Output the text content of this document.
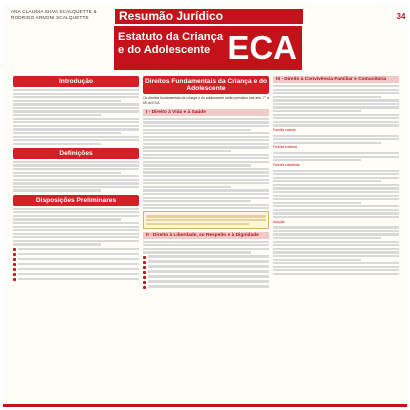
ANA CLAUDIA SILVA SCALQUETTE &
RODRIGO ARNONI SCALQUETTE	Resumão Jurídico	34
Estatuto da Criança
e do Adolescente ECA
Introdução
Definições
Disposições Preliminares
Direitos Fundamentais da Criança e do Adolescente
Os direitos fundamentais da criança e do adolescente estão previstos nos arts. 7° a 69 do ECA.
I - Direito à Vida e à Saúde
II - Direito à Liberdade, ao Respeito e à Dignidade
III - Direito à Convivência Familiar e Comunitária
Família natural
Família extensa
Família substituta
Adoção
